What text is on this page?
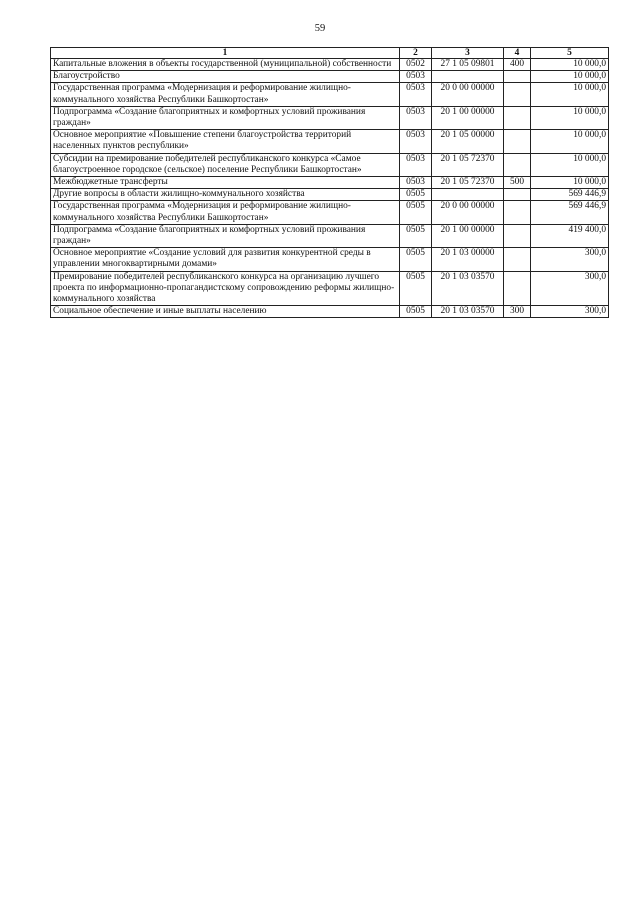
59
1	2	3	4	5
Капитальные вложения в объекты государственной (муниципальной) собственности	0502	27 1 05 09801	400	10 000,0
Благоустройство	0503			10 000,0
Государственная программа «Модернизация и реформирование жилищно-коммунального хозяйства Республики Башкортостан»	0503	20 0 00 00000		10 000,0
Подпрограмма «Создание благоприятных и комфортных условий проживания граждан»	0503	20 1 00 00000		10 000,0
Основное мероприятие «Повышение степени благоустройства территорий населенных пунктов республики»	0503	20 1 05 00000		10 000,0
Субсидии на премирование победителей республиканского конкурса «Самое благоустроенное городское (сельское) поселение Республики Башкортостан»	0503	20 1 05 72370		10 000,0
Межбюджетные трансферты	0503	20 1 05 72370	500	10 000,0
Другие вопросы в области жилищно-коммунального хозяйства	0505			569 446,9
Государственная программа «Модернизация и реформирование жилищно-коммунального хозяйства Республики Башкортостан»	0505	20 0 00 00000		569 446,9
Подпрограмма «Создание благоприятных и комфортных условий проживания граждан»	0505	20 1 00 00000		419 400,0
Основное мероприятие «Создание условий для развития конкурентной среды в управлении многоквартирными домами»	0505	20 1 03 00000		300,0
Премирование победителей республиканского конкурса на организацию лучшего проекта по информационно-пропагандистскому сопровождению реформы жилищно-коммунального хозяйства	0505	20 1 03 03570		300,0
Социальное обеспечение и иные выплаты населению	0505	20 1 03 03570	300	300,0
